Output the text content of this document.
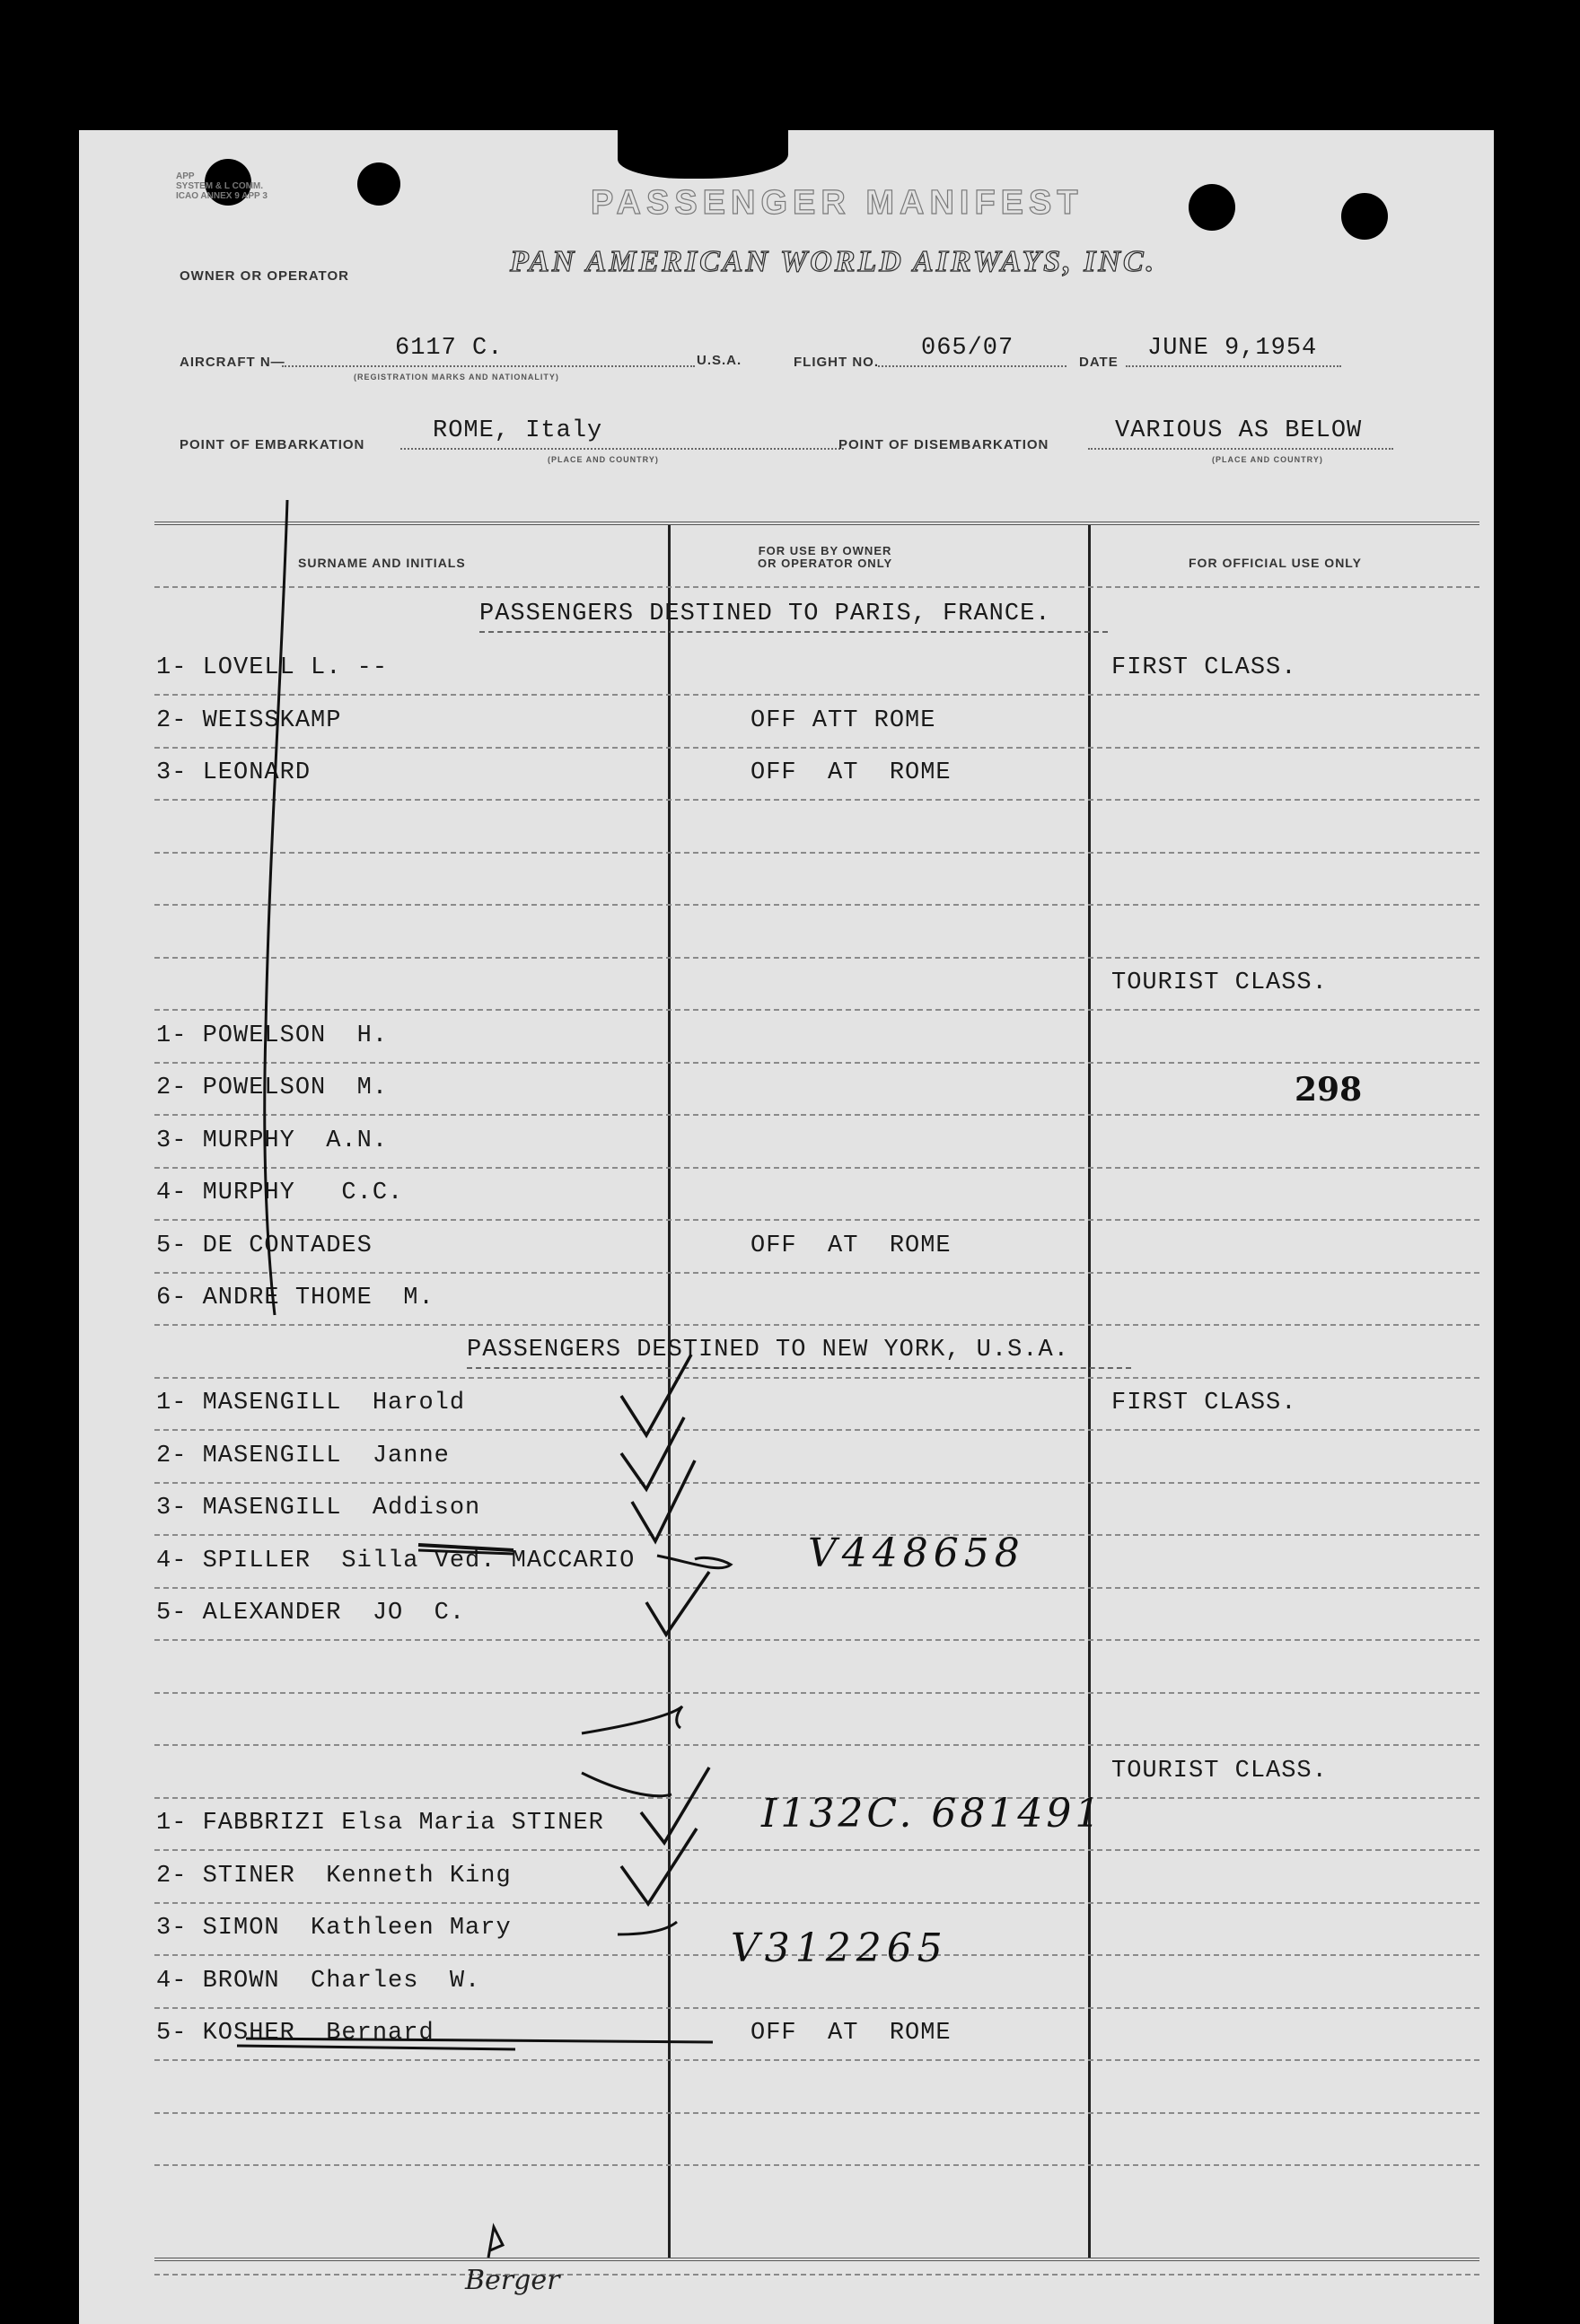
APP
SYSTEM & L COMM.
ICAO ANNEX 9 APP 3	PASSENGER MANIFEST
OWNER OR OPERATOR	PAN AMERICAN WORLD AIRWAYS, INC.
AIRCRAFT N—
6117 C.
(REGISTRATION MARKS AND NATIONALITY)
U.S.A.	FLIGHT NO.
065/07
DATE
JUNE 9,1954
POINT OF EMBARKATION
ROME, Italy
(PLACE AND COUNTRY)
POINT OF DISEMBARKATION
VARIOUS AS BELOW
(PLACE AND COUNTRY)
SURNAME AND INITIALS
FOR USE BY OWNER
OR OPERATOR ONLY	FOR OFFICIAL USE ONLY
PASSENGERS DESTINED TO PARIS, FRANCE.
PASSENGERS DESTINED TO NEW YORK, U.S.A.
1- LOVELL L. --	FIRST CLASS.
2- WEISSKAMP	OFF ATT ROME
3- LEONARD	OFF  AT  ROME
TOURIST CLASS.
1- POWELSON  H.
2- POWELSON  M.
3- MURPHY  A.N.
4- MURPHY   C.C.
5- DE CONTADES	OFF  AT  ROME
6- ANDRE THOME  M.
1- MASENGILL  Harold	FIRST CLASS.
2- MASENGILL  Janne
3- MASENGILL  Addison
4- SPILLER  Silla Ved. MACCARIO
5- ALEXANDER  JO  C.
TOURIST CLASS.
1- FABBRIZI Elsa Maria STINER
2- STINER  Kenneth King
3- SIMON  Kathleen Mary
4- BROWN  Charles  W.
5- KOSHER  Bernard	OFF  AT  ROME
298
V448658
I132C. 681491
V312265
Berger
